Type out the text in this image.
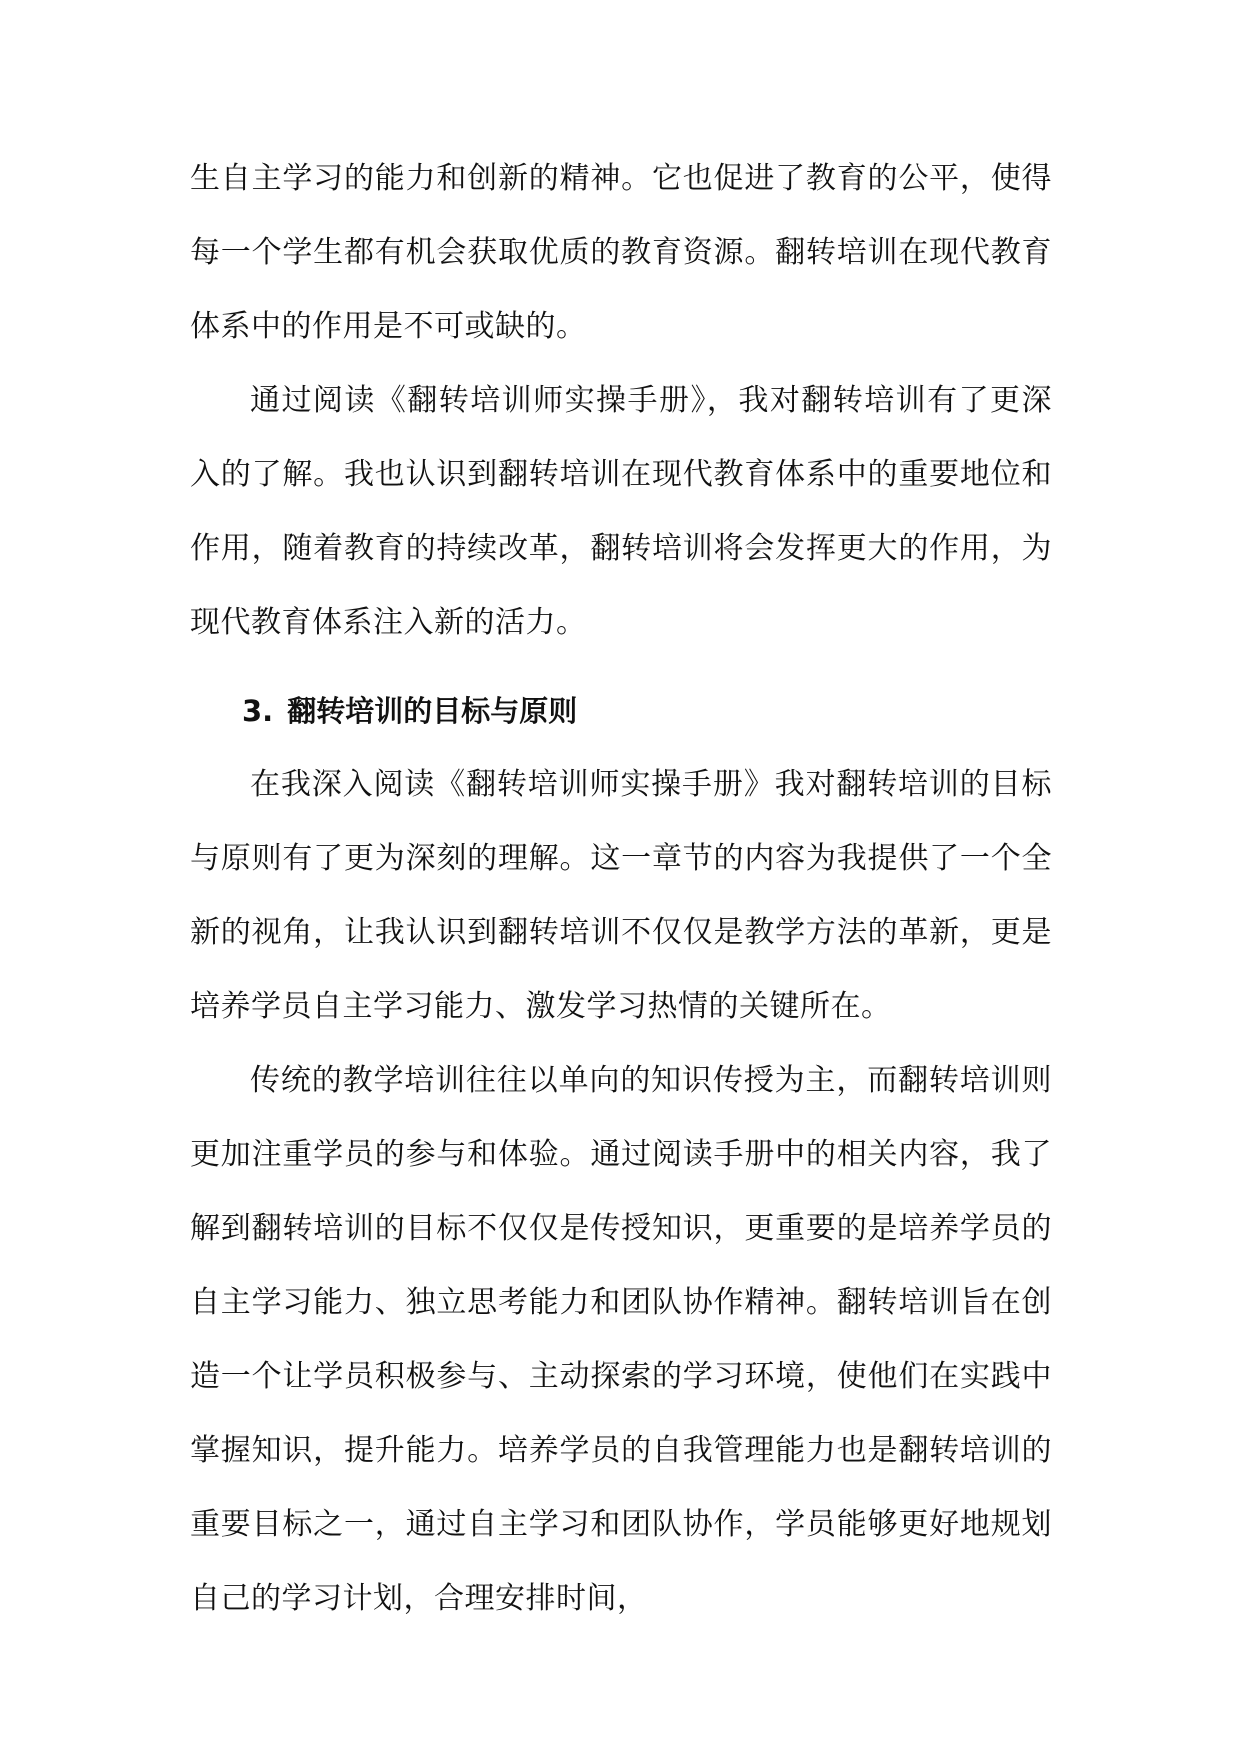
生自主学习的能力和创新的精神。它也促进了教育的公平，使得每一个学生都有机会获取优质的教育资源。翻转培训在现代教育体系中的作用是不可或缺的。

通过阅读《翻转培训师实操手册》，我对翻转培训有了更深入的了解。我也认识到翻转培训在现代教育体系中的重要地位和作用，随着教育的持续改革，翻转培训将会发挥更大的作用，为现代教育体系注入新的活力。

3. 翻转培训的目标与原则

在我深入阅读《翻转培训师实操手册》我对翻转培训的目标与原则有了更为深刻的理解。这一章节的内容为我提供了一个全新的视角，让我认识到翻转培训不仅仅是教学方法的革新，更是培养学员自主学习能力、激发学习热情的关键所在。

传统的教学培训往往以单向的知识传授为主，而翻转培训则更加注重学员的参与和体验。通过阅读手册中的相关内容，我了解到翻转培训的目标不仅仅是传授知识，更重要的是培养学员的自主学习能力、独立思考能力和团队协作精神。翻转培训旨在创造一个让学员积极参与、主动探索的学习环境，使他们在实践中掌握知识，提升能力。培养学员的自我管理能力也是翻转培训的重要目标之一，通过自主学习和团队协作，学员能够更好地规划自己的学习计划，合理安排时间，
